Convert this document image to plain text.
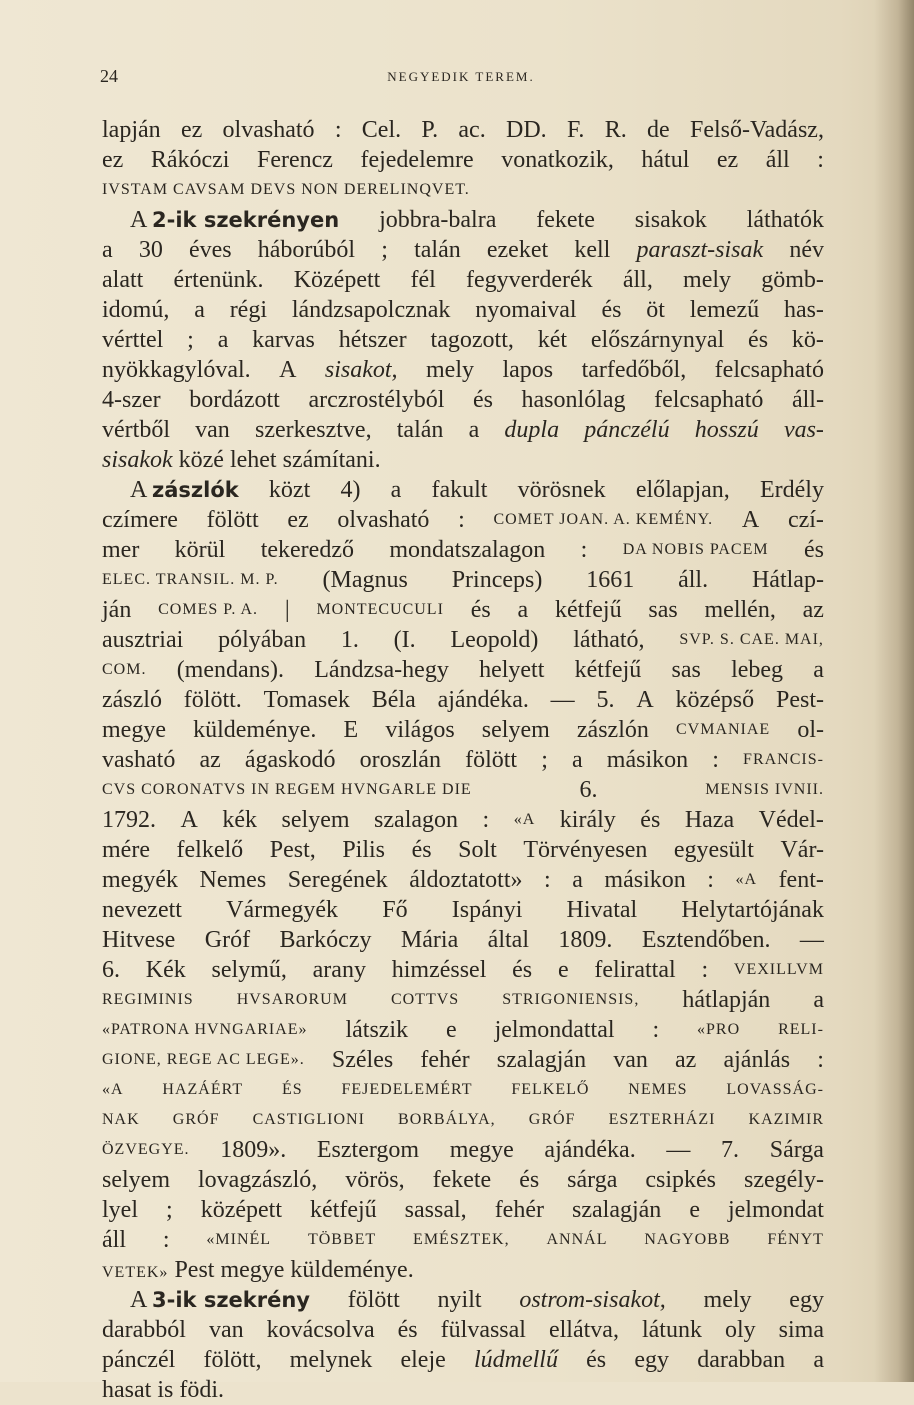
24	NEGYEDIK TEREM.
lapján ez olvasható : Cel. P. ac. DD. F. R. de Felső-Vadász,
ez Rákóczi Ferencz fejedelemre vonatkozik, hátul ez áll :
IVSTAM CAVSAM DEVS NON DERELINQVET.
A 2-ik szekrényen jobbra-balra fekete sisakok láthatók
a 30 éves háborúból ; talán ezeket kell paraszt-sisak név
alatt értenünk. Középett fél fegyverderék áll, mely gömb-
idomú, a régi lándzsapolcznak nyomaival és öt lemezű has-
vérttel ; a karvas hétszer tagozott, két előszárnynyal és kö-
nyökkagylóval. A sisakot, mely lapos tarfedőből, felcsapható
4-szer bordázott arczrostélyból és hasonlólag felcsapható áll-
vértből van szerkesztve, talán a dupla pánczélú hosszú vas-
sisakok közé lehet számítani.
A zászlók közt 4) a fakult vörösnek előlapjan, Erdély
czímere fölött ez olvasható : COMET JOAN. A. KEMÉNY. A czí-
mer körül tekeredző mondatszalagon : DA NOBIS PACEM és
ELEC. TRANSIL. M. P. (Magnus Princeps) 1661 áll. Hátlap-
ján COMES P. A. | MONTECUCULI és a kétfejű sas mellén, az
ausztriai pólyában 1. (I. Leopold) látható, SVP. S. CAE. MAI,
COM. (mendans). Lándzsa-hegy helyett kétfejű sas lebeg a
zászló fölött. Tomasek Béla ajándéka. — 5. A középső Pest-
megye küldeménye. E világos selyem zászlón CVMANIAE ol-
vasható az ágaskodó oroszlán fölött ; a másikon : FRANCIS-
CVS CORONATVS IN REGEM HVNGARLE DIE	6.	MENSIS IVNII.
1792. A kék selyem szalagon : «A király és Haza Védel-
mére felkelő Pest, Pilis és Solt Törvényesen egyesült Vár-
megyék Nemes Seregének áldoztatott» : a másikon : «A fent-
nevezett Vármegyék Fő Ispányi Hivatal Helytartójának
Hitvese Gróf Barkóczy Mária által 1809. Esztendőben. —
6. Kék selymű, arany himzéssel és e felirattal : VEXILLVM
REGIMINIS	HVSARORUM	COTTVS	STRIGONIENSIS, hátlapján a
«PATRONA HVNGARIAE» látszik e jelmondattal : «PRO RELI-
GIONE, REGE AC LEGE». Széles fehér szalagján van az ajánlás :
«A HAZÁÉRT ÉS FEJEDELEMÉRT FELKELŐ NEMES LOVASSÁG-
NAK GRÓF CASTIGLIONI BORBÁLYA, GRÓF ESZTERHÁZI KAZIMIR
ÖZVEGYE. 1809». Esztergom megye ajándéka. — 7. Sárga
selyem lovagzászló, vörös, fekete és sárga csipkés szegély-
lyel ; középett kétfejű sassal, fehér szalagján e jelmondat
áll : «MINÉL TÖBBET EMÉSZTEK, ANNÁL NAGYOBB FÉNYT
VETEK» Pest megye küldeménye.
A 3-ik szekrény fölött nyilt ostrom-sisakot, mely egy
darabból van kovácsolva és fülvassal ellátva, látunk oly sima
pánczél fölött, melynek eleje lúdmellű és egy darabban a
hasat is födi.
